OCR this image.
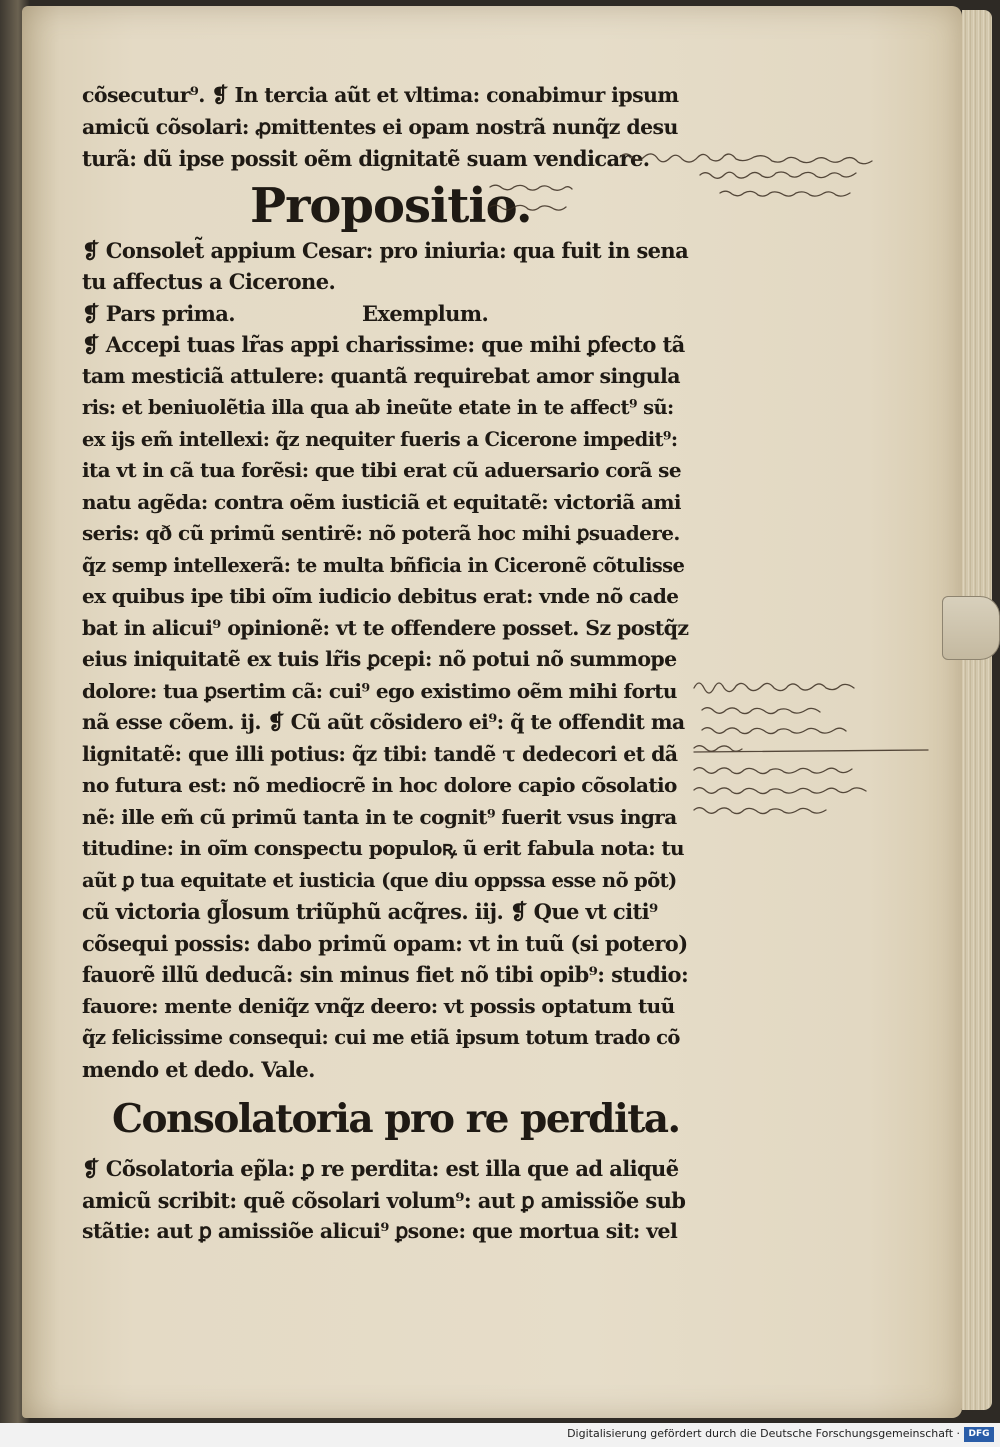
cõsecutur⁹. ❡ In tercia aũt et vltima: conabimur ipsum
amicũ cõsolari: ꝓmittentes ei opam nostrã nunq̃z desu
turã: dũ ipse possit oẽm dignitatẽ suam vendicare.
Propositio.
❡ Consolet̃ appium Cesar: pro iniuria: qua fuit in sena
tu affectus a Cicerone.
❡ Pars prima.	Exemplum.
❡ Accepi tuas lr̃as appi charissime: que mihi ꝑfecto tã
tam mesticiã attulere: quantã requirebat amor singula
ris: et beniuolẽtia illa qua ab ineũte etate in te affect⁹ sũ:
ex ijs em̃ intellexi: q̃z nequiter fueris a Cicerone impedit⁹:
ita vt in cã tua forẽsi: que tibi erat cũ aduersario corã se
natu agẽda: contra oẽm iusticiã et equitatẽ: victoriã ami
seris: qð cũ primũ sentirẽ: nõ poterã hoc mihi ꝑsuadere.
q̃z semp intellexerã: te multa bñficia in Ciceronẽ cõtulisse
ex quibus ipe tibi oĩm iudicio debitus erat: vnde nõ cade
bat in alicui⁹ opinionẽ: vt te offendere posset. Sz postq̃z
eius iniquitatẽ ex tuis lr̃is ꝑcepi: nõ potui nõ summope
dolore: tua ꝑsertim cã: cui⁹ ego existimo oẽm mihi fortu
nã esse cõem. ij. ❡ Cũ aũt cõsidero ei⁹: q̃ te offendit ma
lignitatẽ: que illi potius: q̃z tibi: tandẽ τ dedecori et dã
no futura est: nõ mediocrẽ in hoc dolore capio cõsolatio
nẽ: ille em̃ cũ primũ tanta in te cognit⁹ fuerit vsus ingra
titudine: in oĩm conspectu populoꝶ ũ erit fabula nota: tu
aũt ꝑ tua equitate et iusticia (que diu oppssa esse nõ põt)
cũ victoria gl̃osum triũphũ acq̃res. iij. ❡ Que vt citi⁹
cõsequi possis: dabo primũ opam: vt in tuũ (si potero)
fauorẽ illũ deducã: sin minus fiet nõ tibi opib⁹: studio:
fauore: mente deniq̃z vnq̃z deero: vt possis optatum tuũ
q̃z felicissime consequi: cui me etiã ipsum totum trado cõ
mendo et dedo. Vale.
Consolatoria pro re perdita.
❡ Cõsolatoria ep̃la: ꝑ re perdita: est illa que ad aliquẽ
amicũ scribit: quẽ cõsolari volum⁹: aut ꝑ amissiõe sub
stãtie: aut ꝑ amissiõe alicui⁹ ꝑsone: que mortua sit: vel
Digitalisierung gefördert durch die Deutsche Forschungsgemeinschaft · DFG
